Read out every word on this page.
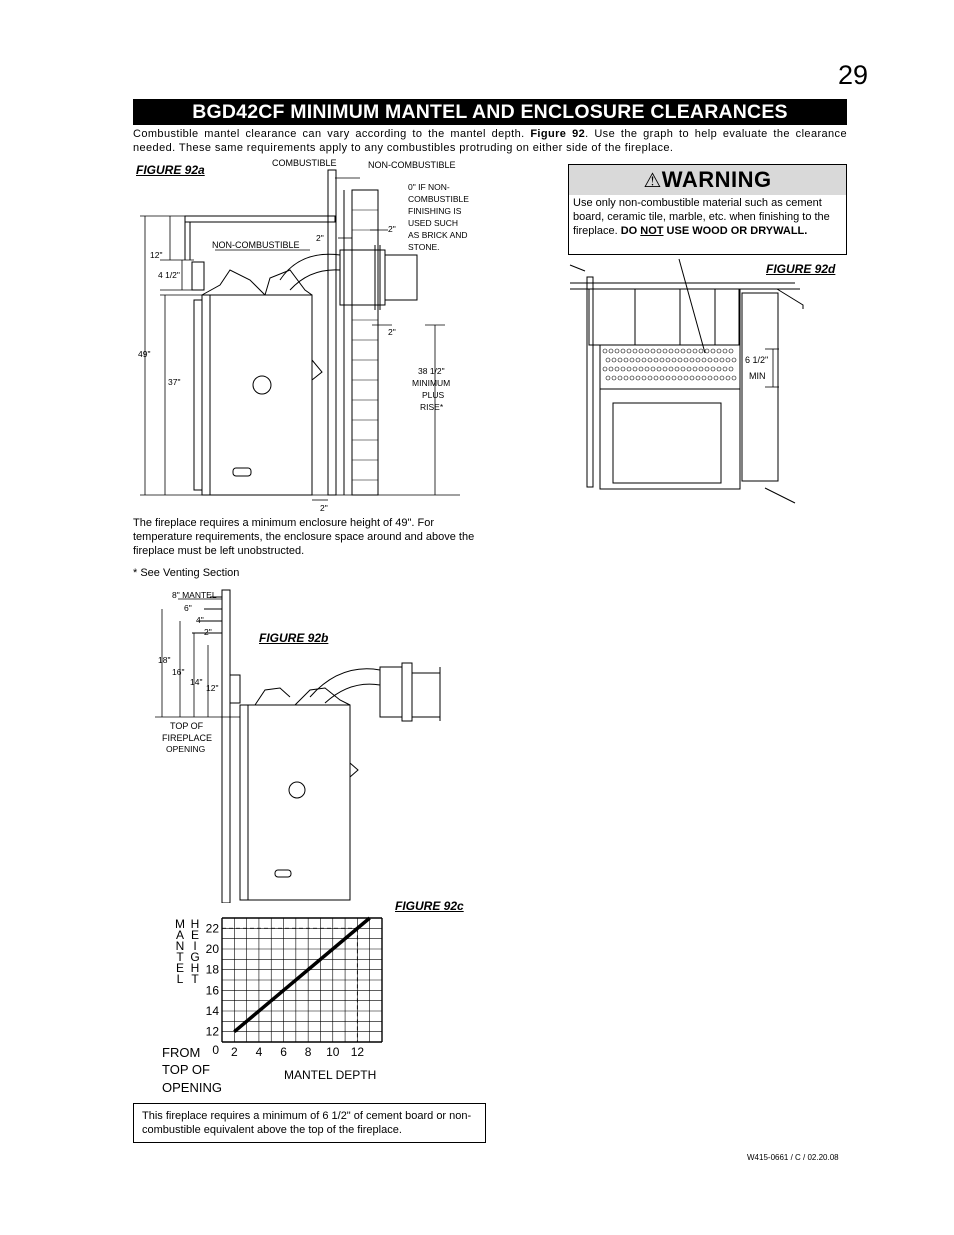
29
BGD42CF MINIMUM MANTEL AND ENCLOSURE CLEARANCES
Combustible mantel clearance can vary according to the mantel depth. Figure 92. Use the graph to help evaluate the clearance needed. These same requirements apply to any combustibles protruding on either side of the fireplace.
FIGURE 92a	COMBUSTIBLE	NON-COMBUSTIBLE
NON-COMBUSTIBLE
0" IF NON-
COMBUSTIBLE
FINISHING IS
USED SUCH
AS BRICK AND
STONE.
12"
4 1/2"
49"
37"
2"
2"
2"
2"
38 1/2"
MINIMUM
PLUS
RISE*
The fireplace requires a minimum enclosure height of 49". For temperature requirements, the enclosure space around and above the fireplace must be left unobstructed.
* See Venting Section
FIGURE 92b
8" MANTEL
6"
4"
2"
18"
16"
14"
12"
TOP OF
FIREPLACE
OPENING
FIGURE 92c
2 4 6 8 10 12
0
12
14
16
18
20
22
M
A
N
T
E
L
H
E
I
G
H
T
FROM
TOP OF
OPENING
MANTEL DEPTH
⚠WARNING
Use only non-combustible material such as cement board, ceramic tile, marble, etc. when finishing to the fireplace. DO NOT USE WOOD OR DRYWALL.
FIGURE 92d
6 1/2"
MIN
This fireplace requires a minimum of 6 1/2" of cement board or non-combustible equivalent above the top of the fireplace.
W415-0661 / C / 02.20.08
